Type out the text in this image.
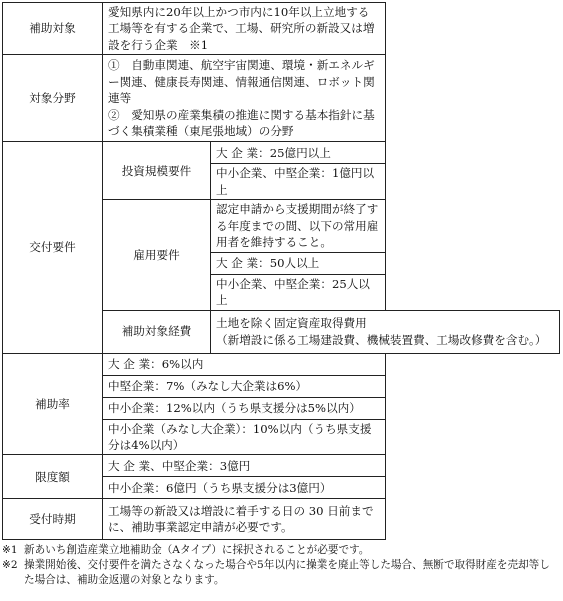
補助対象	愛知県内に20年以上かつ市内に10年以上立地する工場等を有する企業で、工場、研究所の新設又は増設を行う企業　※1	

対象分野	①　自動車関連、航空宇宙関連、環境・新エネルギー関連、健康長寿関連、情報通信関連、ロボット関連等
②　愛知県の産業集積の推進に関する基本指針に基づく集積業種（東尾張地域）の分野	

交付要件	投資規模要件	大 企 業：25億円以上
		中小企業、中堅企業：1億円以上
	雇用要件	認定申請から支援期間が終了する年度までの間、以下の常用雇用者を維持すること。
		大 企 業：50人以上
		中小企業、中堅企業：25人以上
	補助対象経費	土地を除く固定資産取得費用
（新増設に係る工場建設費、機械装置費、工場改修費を含む。）

補助率	大 企 業：6%以内	
	中堅企業：7%（みなし大企業は6%）	
	中小企業：12%以内（うち県支援分は5%以内）	
	中小企業（みなし大企業）：10%以内（うち県支援分は4%以内）	
限度額	大 企 業、中堅企業：3億円	
	中小企業：6億円（うち県支援分は3億円）	
受付時期	工場等の新設又は増設に着手する日の 30 日前までに、補助事業認定申請が必要です。	
※1 新あいち創造産業立地補助金（Aタイプ）に採択されることが必要です。
※2 操業開始後、交付要件を満たさなくなった場合や5年以内に操業を廃止等した場合、無断で取得財産を売却等した場合は、補助金返還の対象となります。
